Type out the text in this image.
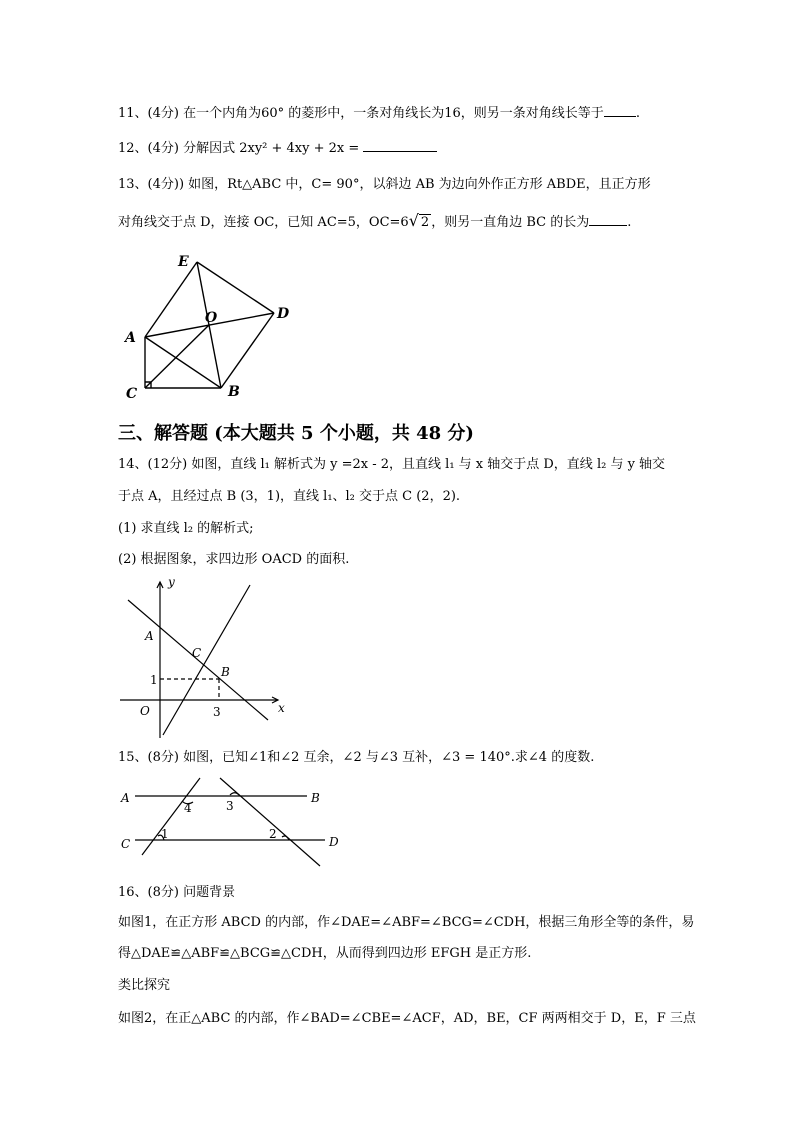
11、(4分) 在一个内角为60° 的菱形中，一条对角线长为16，则另一条对角线长等于 .
12、(4分) 分解因式 2xy² + 4xy + 2x =
13、(4分)) 如图，Rt△ABC 中，C= 90°，以斜边 AB 为边向外作正方形 ABDE，且正方形
对角线交于点 D，连接 OC，已知 AC=5，OC=6√ 2 ，则另一直角边 BC 的长为	.
E
D
O
A
C	B
三、解答题 (本大题共 5 个小题，共 48 分)
14、(12分) 如图，直线 l₁ 解析式为 y =2x - 2，且直线 l₁ 与 x 轴交于点 D，直线 l₂ 与 y 轴交
于点 A，且经过点 B (3，1)，直线 l₁、l₂ 交于点 C (2，2).
(1) 求直线 l₂ 的解析式;
(2) 根据图象，求四边形 OACD 的面积.
y
x
A
C
B
O
1
3
15、(8分) 如图，已知∠1和∠2 互余，∠2 与∠3 互补，∠3 = 140°.求∠4 的度数.
A	B
C	D
1	2
3
4
16、(8分) 问题背景
如图1，在正方形 ABCD 的内部，作∠DAE=∠ABF=∠BCG=∠CDH，根据三角形全等的条件，易
得△DAE≌△ABF≌△BCG≌△CDH，从而得到四边形 EFGH 是正方形.
类比探究
如图2，在正△ABC 的内部，作∠BAD=∠CBE=∠ACF，AD，BE，CF 两两相交于 D，E，F 三点
